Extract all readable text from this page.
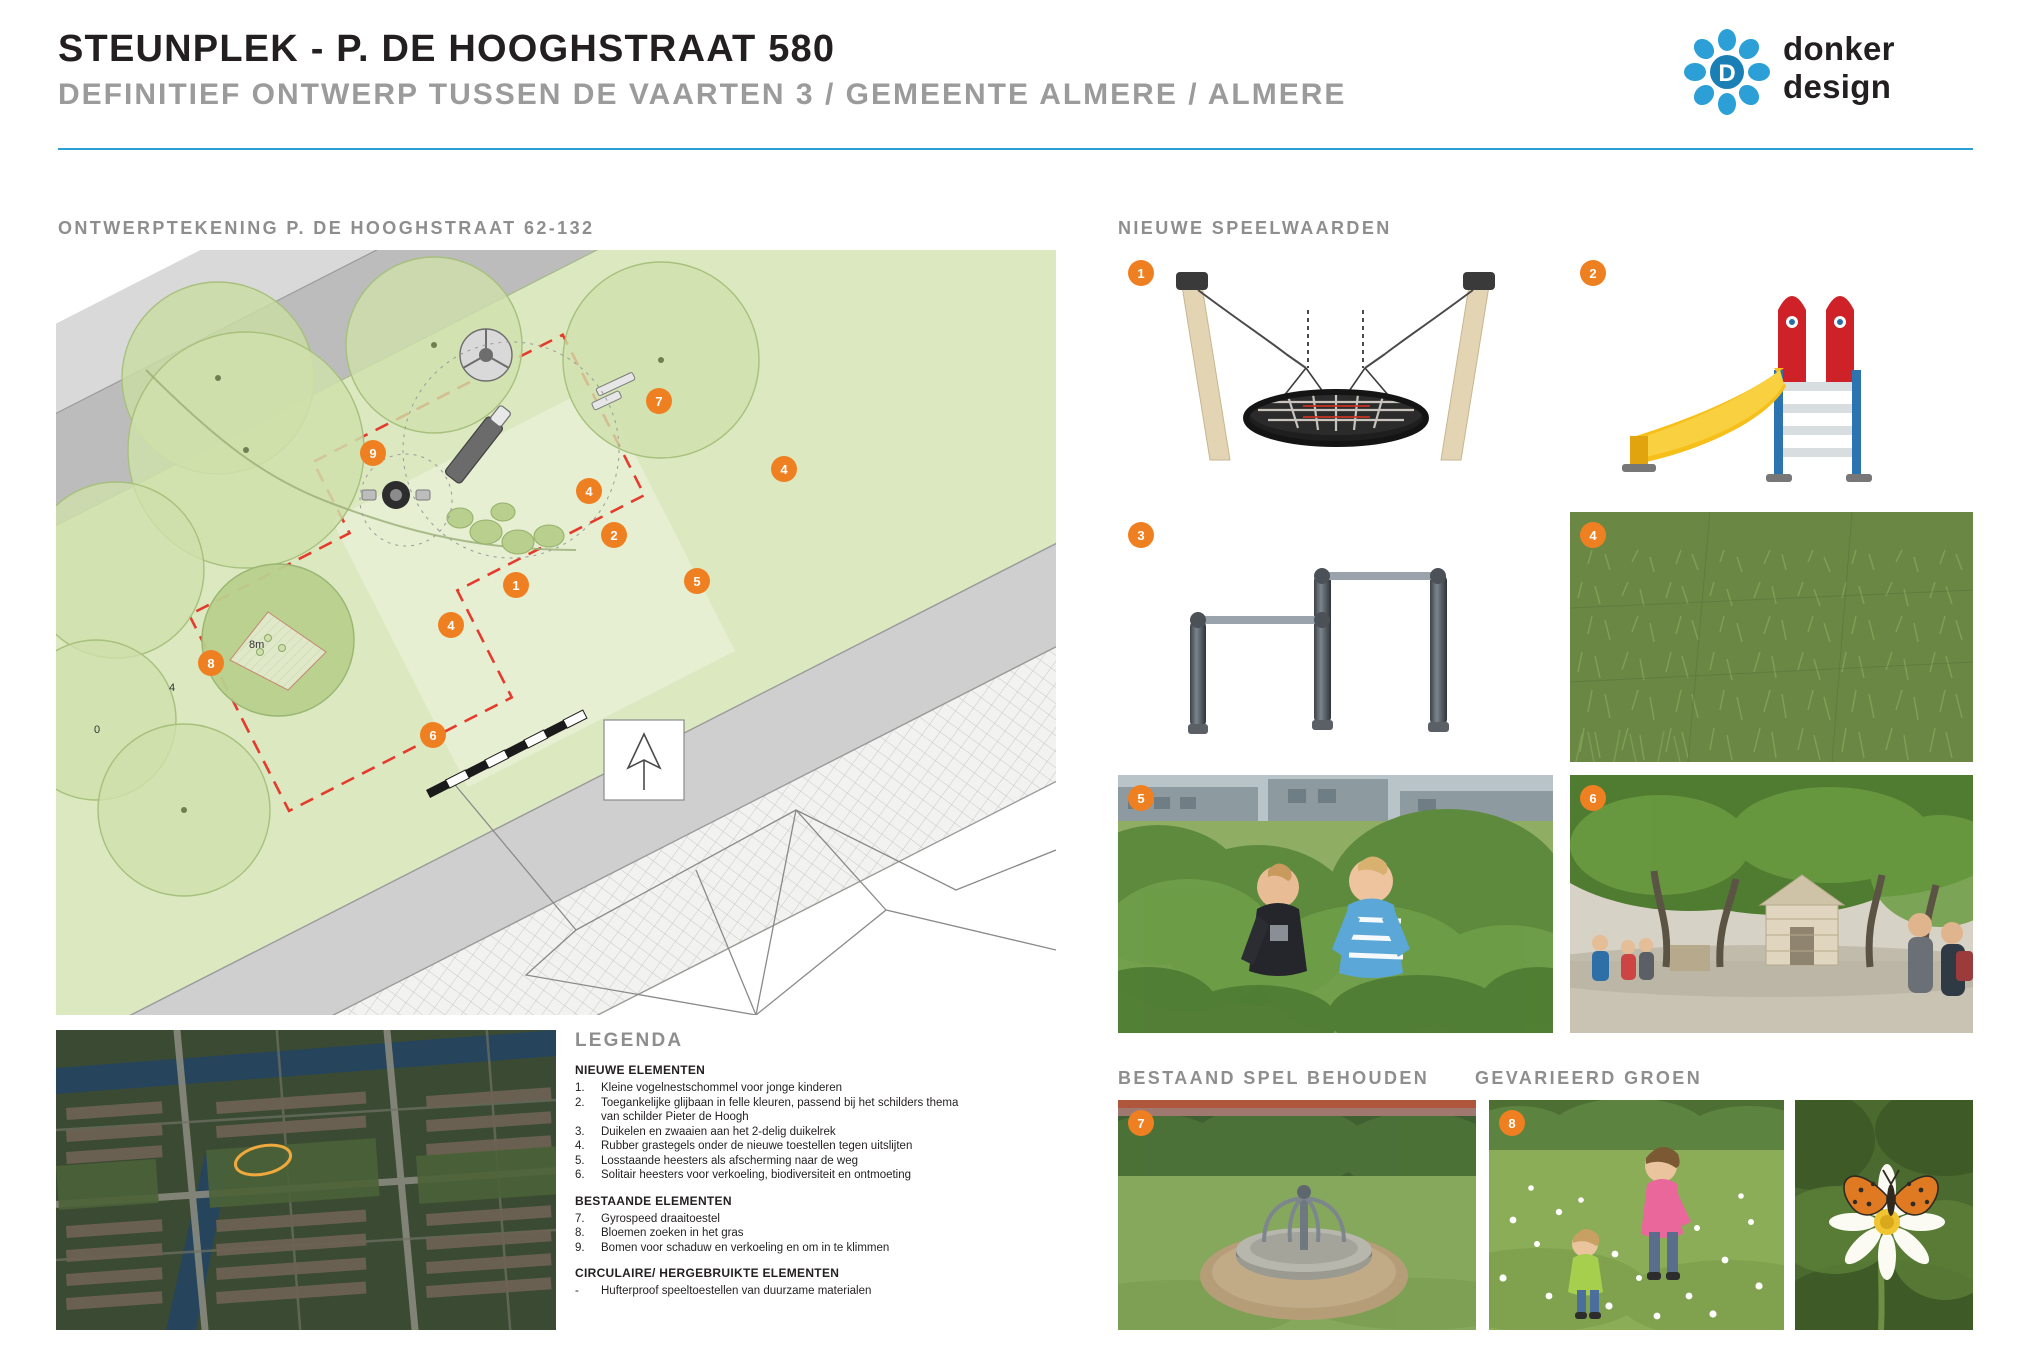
STEUNPLEK - P. DE HOOGHSTRAAT 580
DEFINITIEF ONTWERP TUSSEN DE VAARTEN 3 / GEMEENTE ALMERE / ALMERE
D
donker
design
ONTWERPTEKENING P. DE HOOGHSTRAAT 62-132	NIEUWE SPEELWAARDEN
BESTAAND SPEL BEHOUDEN	GEVARIEERD GROEN
0
4
8m
9
7
4
4
2
5
1
4
8
6
LEGENDA
NIEUWE ELEMENTEN
1.	Kleine vogelnestschommel voor jonge kinderen
2.	Toegankelijke glijbaan in felle kleuren, passend bij het schilders thema
van schilder Pieter de Hoogh
3.	Duikelen en zwaaien aan het 2-delig duikelrek
4.	Rubber grastegels onder de nieuwe toestellen tegen uitslijten
5.	Losstaande heesters als afscherming naar de weg
6.	Solitair heesters voor verkoeling, biodiversiteit en ontmoeting
BESTAANDE ELEMENTEN
7.	Gyrospeed draaitoestel
8.	Bloemen zoeken in het gras
9.	Bomen voor schaduw en verkoeling en om in te klimmen
CIRCULAIRE/ HERGEBRUIKTE ELEMENTEN
-	Hufterproof speeltoestellen van duurzame materialen
1	2
3	4
5	6
7	8
